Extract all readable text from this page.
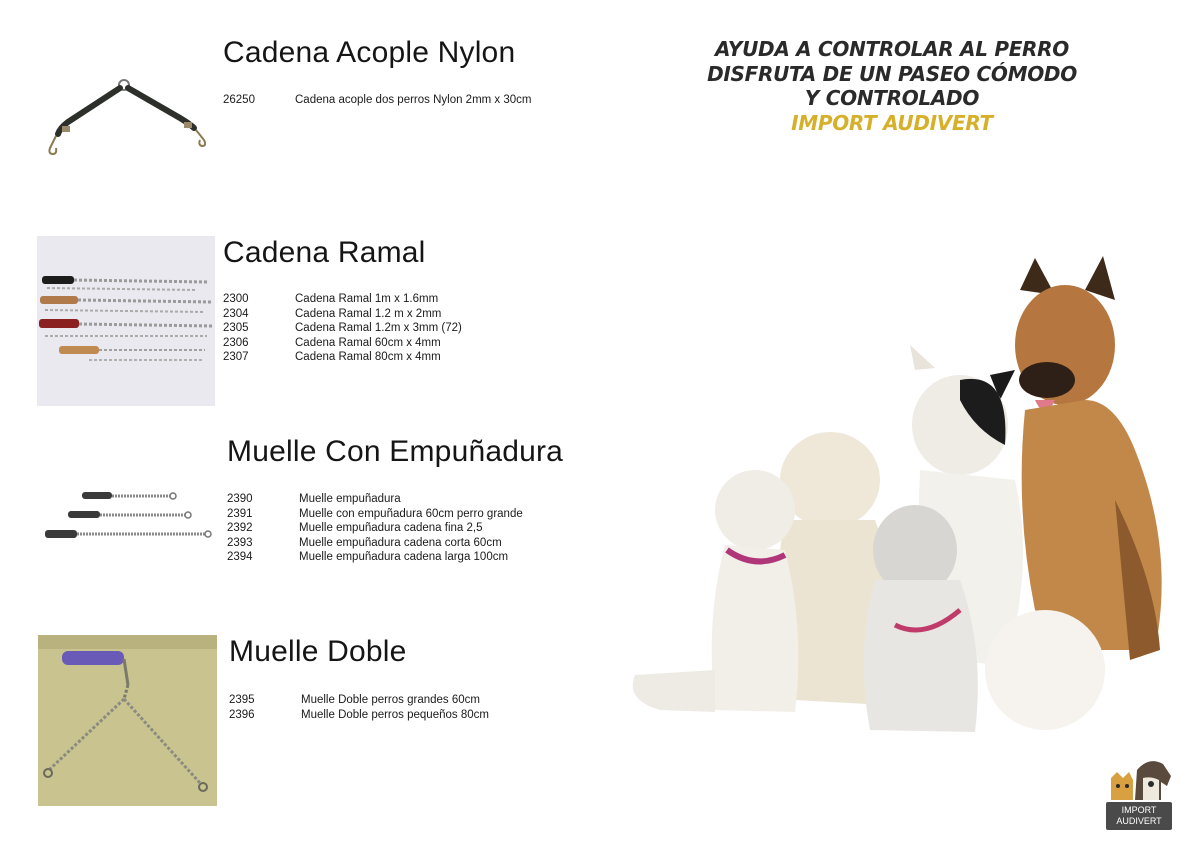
Cadena Acople Nylon
26250	Cadena acople dos perros Nylon 2mm x 30cm
Cadena Ramal
2300	Cadena Ramal 1m x 1.6mm
2304	Cadena Ramal 1.2 m x 2mm
2305	Cadena Ramal 1.2m x 3mm (72)
2306	Cadena Ramal 60cm x 4mm
2307	Cadena Ramal 80cm x 4mm
Muelle Con Empuñadura
2390	Muelle empuñadura
2391	Muelle con empuñadura 60cm perro grande
2392	Muelle empuñadura cadena fina 2,5
2393	Muelle empuñadura cadena corta 60cm
2394	Muelle empuñadura cadena larga 100cm
Muelle Doble
2395	Muelle Doble perros grandes 60cm
2396	Muelle Doble perros pequeños 80cm
AYUDA A CONTROLAR AL PERRO
DISFRUTA DE UN PASEO CÓMODO
Y CONTROLADO
IMPORT AUDIVERT
IMPORT
AUDIVERT
